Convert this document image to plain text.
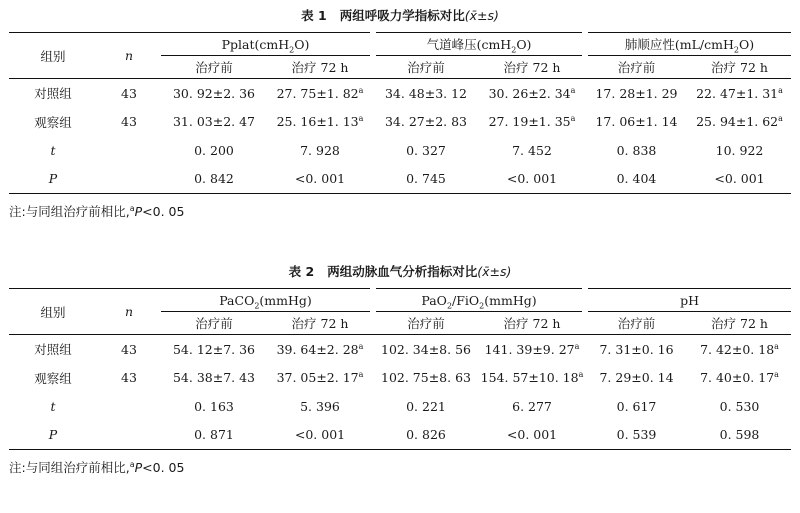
表 1 两组呼吸力学指标对比(x̄±s)
组别	n	Pplat(cmH$_2$O)		气道峰压(cmH$_2$O)		肺顺应性(mL/cmH$_2$O)	
		治疗前	治疗 72 h	治疗前	治疗 72 h	治疗前	治疗 72 h
对照组	43	30. 92±2. 36	27. 75±1. 82$^a$	34. 48±3. 12	30. 26±2. 34$^a$	17. 28±1. 29	22. 47±1. 31$^a$
观察组	43	31. 03±2. 47	25. 16±1. 13$^a$	34. 27±2. 83	27. 19±1. 35$^a$	17. 06±1. 14	25. 94±1. 62$^a$
t		0. 200	7. 928	0. 327	7. 452	0. 838	10. 922
P		0. 842	<0. 001	0. 745	<0. 001	0. 404	<0. 001
注:与同组治疗前相比,$^a$P<0. 05
表 2 两组动脉血气分析指标对比(x̄±s)
组别	n	PaCO$_2$(mmHg)		PaO$_2$/FiO$_2$(mmHg)		pH	
		治疗前	治疗 72 h	治疗前	治疗 72 h	治疗前	治疗 72 h
对照组	43	54. 12±7. 36	39. 64±2. 28$^a$	102. 34±8. 56	141. 39±9. 27$^a$	7. 31±0. 16	7. 42±0. 18$^a$
观察组	43	54. 38±7. 43	37. 05±2. 17$^a$	102. 75±8. 63	154. 57±10. 18$^a$	7. 29±0. 14	7. 40±0. 17$^a$
t		0. 163	5. 396	0. 221	6. 277	0. 617	0. 530
P		0. 871	<0. 001	0. 826	<0. 001	0. 539	0. 598
注:与同组治疗前相比,$^a$P<0. 05
